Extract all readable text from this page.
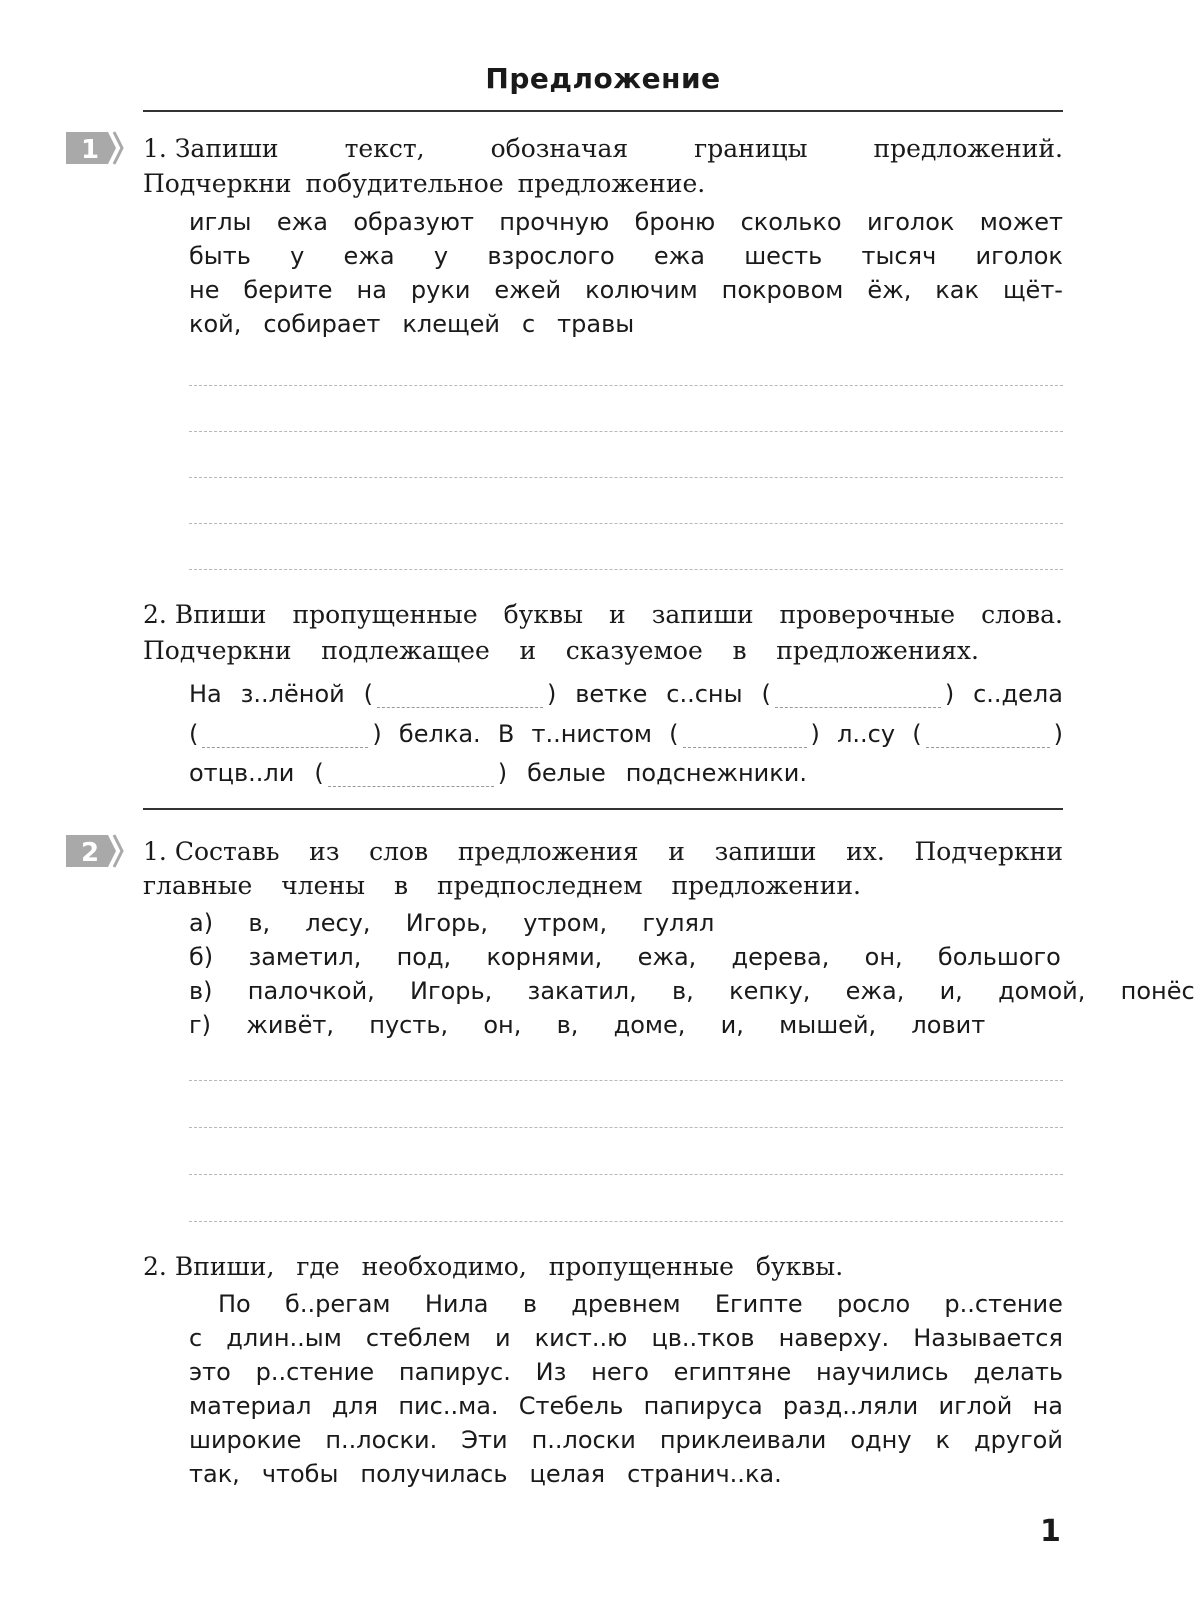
Предложение
1 1. Запиши	текст,	обозначая	границы	предложений.
Подчеркни побудительное предложение.
иглы ежа образуют прочную броню сколько иголок может
быть у ежа у взрослого ежа шесть тысяч иголок
не берите на руки ежей колючим покровом ёж, как щёт-
кой, собирает клещей с травы
2. Впиши пропущенные буквы и запиши проверочные слова.
Подчеркни подлежащее и сказуемое в предложениях.
На з..лёной (	) ветке с..сны (	) с..дела
(	) белка. В т..нистом (	) л..су (	)
отцв..ли (	) белые подснежники.
2 1. Составь из слов предложения и запиши их. Подчеркни
главные члены в предпоследнем предложении.
а) в,  лесу,  Игорь,  утром,  гулял
б) заметил,  под,  корнями,  ежа,  дерева,  он,  большого
в) палочкой,  Игорь,  закатил,  в,  кепку,  ежа,  и,  домой,  понёс
г) живёт,  пусть,  он,  в,  доме,  и,  мышей,  ловит
2. Впиши, где необходимо, пропущенные буквы.
По б..регам Нила в древнем Египте росло р..стение
с длин..ым стеблем и кист..ю цв..тков наверху. Называется
это р..стение папирус. Из него египтяне научились делать
материал для пис..ма. Стебель папируса разд..ляли иглой на
широкие п..лоски. Эти п..лоски приклеивали одну к другой
так, чтобы получилась целая странич..ка.
1
